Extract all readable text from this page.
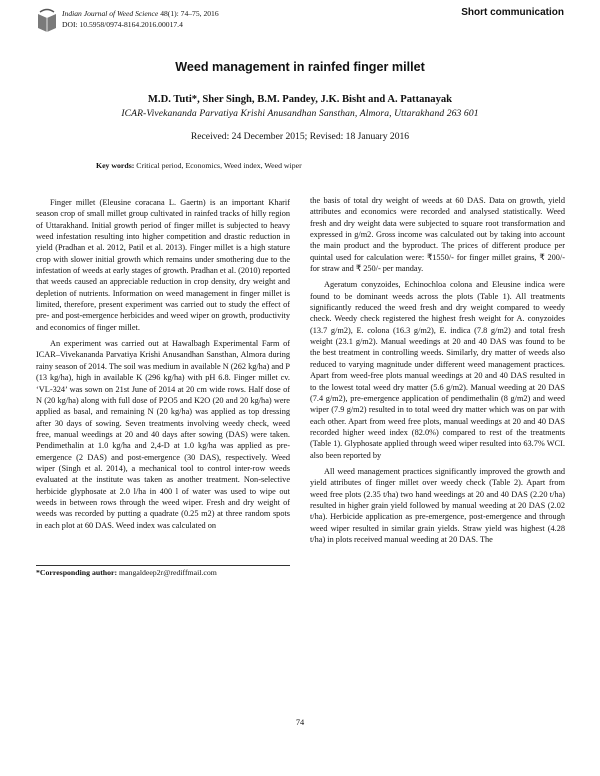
Indian Journal of Weed Science 48(1): 74–75, 2016
DOI: 10.5958/0974-8164.2016.00017.4
Short communication
Weed management in rainfed finger millet
M.D. Tuti*, Sher Singh, B.M. Pandey, J.K. Bisht and A. Pattanayak
ICAR-Vivekananda Parvatiya Krishi Anusandhan Sansthan, Almora, Uttarakhand 263 601
Received: 24 December 2015; Revised: 18 January 2016
Key words: Critical period, Economics, Weed index, Weed wiper

Finger millet (Eleusine coracana L. Gaertn) is an important Kharif season crop of small millet group cultivated in rainfed tracks of hilly region of Uttarakhand. Initial growth period of finger millet is subjected to heavy weed infestation resulting into higher competition and drastic reduction in yield (Pradhan et al. 2012, Patil et al. 2013). Finger millet is a high stature crop with slower initial growth which remains under smothering due to the infestation of weeds at early stages of growth. Pradhan et al. (2010) reported that weeds caused an appreciable reduction in crop density, dry weight and depletion of nutrients. Information on weed management in finger millet is limited, therefore, present experiment was carried out to study the effect of pre- and post-emergence herbicides and weed wiper on growth, productivity and economics of finger millet.

An experiment was carried out at Hawalbagh Experimental Farm of ICAR–Vivekananda Parvatiya Krishi Anusandhan Sansthan, Almora during rainy season of 2014. The soil was medium in available N (262 kg/ha) and P (13 kg/ha), high in available K (296 kg/ha) with pH 6.8. Finger millet cv. ‘VL-324’ was sown on 21st June of 2014 at 20 cm wide rows. Half dose of N (20 kg/ha) along with full dose of P2O5 and K2O (20 and 20 kg/ha) were applied as basal, and remaining N (20 kg/ha) was applied as top dressing after 30 days of sowing. Seven treatments involving weedy check, weed free, manual weedings at 20 and 40 days after sowing (DAS) were taken. Pendimethalin at 1.0 kg/ha and 2,4-D at 1.0 kg/ha was applied as pre-emergence (2 DAS) and post-emergence (30 DAS), respectively. Weed wiper (Singh et al. 2014), a mechanical tool to control inter-row weeds evaluated at the institute was taken as another treatment. Non-selective herbicide glyphosate at 2.0 l/ha in 400 l of water was used to wipe out weeds in between rows through the weed wiper. Fresh and dry weight of weeds was recorded by putting a quadrate (0.25 m2) at three random spots in each plot at 60 DAS. Weed index was calculated on

the basis of total dry weight of weeds at 60 DAS. Data on growth, yield attributes and economics were recorded and analysed statistically. Weed fresh and dry weight data were subjected to square root transformation and expressed in g/m2. Gross income was calculated out by taking into account the main product and the byproduct. The prices of different produce per quintal used for calculation were: ₹1550/- for finger millet grains, ₹ 200/- for straw and ₹ 250/- per manday.

Ageratum conyzoides, Echinochloa colona and Eleusine indica were found to be dominant weeds across the plots (Table 1). All treatments significantly reduced the weed fresh and dry weight compared to weedy check. Weedy check registered the highest fresh weight for A. conyzoides (13.7 g/m2), E. colona (16.3 g/m2), E. indica (7.8 g/m2) and total fresh weight (23.1 g/m2). Manual weedings at 20 and 40 DAS was found to be the best treatment in controlling weeds. Similarly, dry matter of weeds also reduced to varying magnitude under different weed management practices. Apart from weed-free plots manual weedings at 20 and 40 DAS resulted in to the lowest total weed dry matter (5.6 g/m2). Manual weeding at 20 DAS (7.4 g/m2), pre-emergence application of pendimethalin (8 g/m2) and weed wiper (7.9 g/m2) resulted in to total weed dry matter which was on par with each other. Apart from weed free plots, manual weedings at 20 and 40 DAS recorded higher weed index (82.0%) compared to rest of the treatments (Table 1). Glyphosate applied through weed wiper resulted into 63.7% WCI. also been reported by

All weed management practices significantly improved the growth and yield attributes of finger millet over weedy check (Table 2). Apart from weed free plots (2.35 t/ha) two hand weedings at 20 and 40 DAS (2.20 t/ha) resulted in higher grain yield followed by manual weeding at 20 DAS (2.02 t/ha). Herbicide application as pre-emergence, post-emergence and through weed wiper resulted in similar grain yields. Straw yield was highest (4.28 t/ha) in plots received manual weeding at 20 DAS. The

*Corresponding author: mangaldeep2r@rediffmail.com
74
